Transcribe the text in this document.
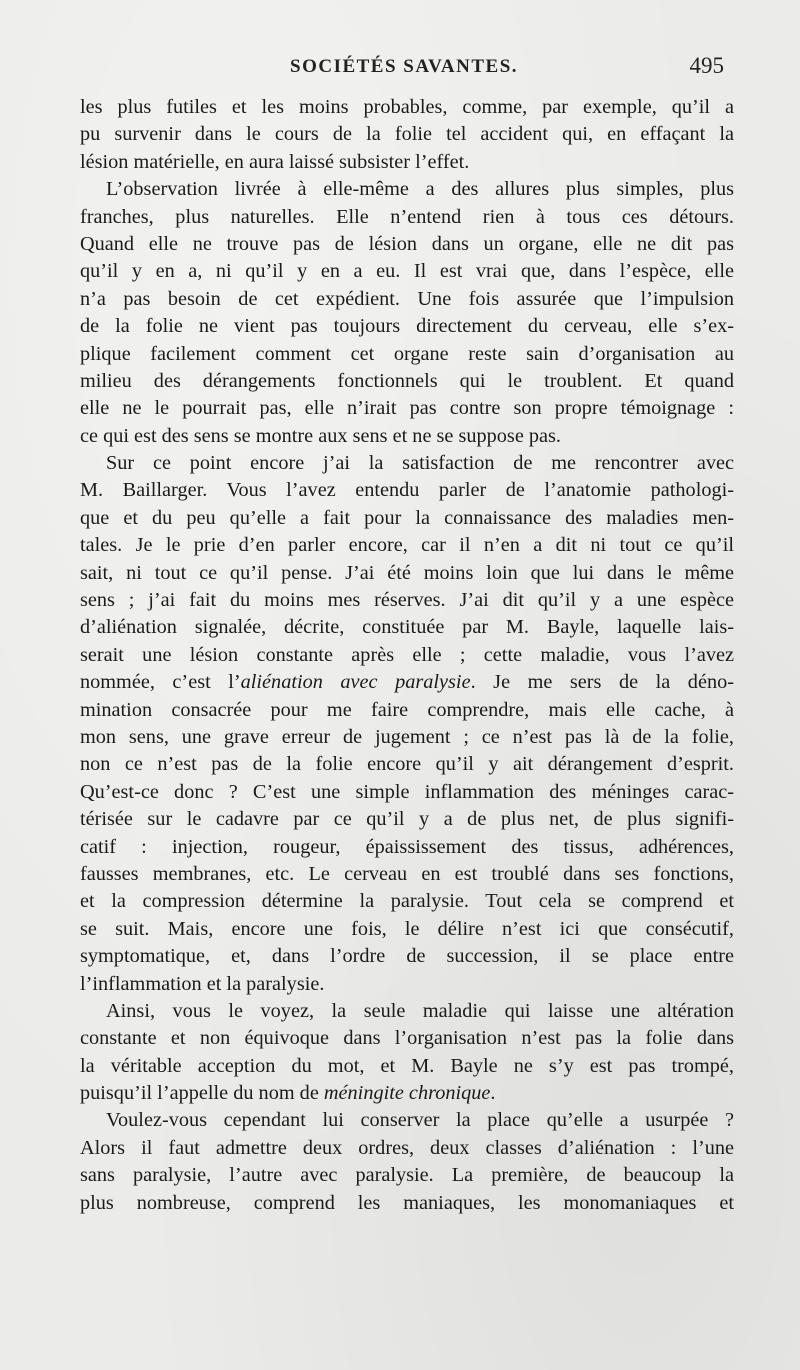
SOCIÉTÉS SAVANTES.	495
les plus futiles et les moins probables, comme, par exemple, qu’il a
pu survenir dans le cours de la folie tel accident qui, en effaçant la
lésion matérielle, en aura laissé subsister l’effet.
L’observation livrée à elle-même a des allures plus simples, plus
franches, plus naturelles. Elle n’entend rien à tous ces détours.
Quand elle ne trouve pas de lésion dans un organe, elle ne dit pas
qu’il y en a, ni qu’il y en a eu. Il est vrai que, dans l’espèce, elle
n’a pas besoin de cet expédient. Une fois assurée que l’impulsion
de la folie ne vient pas toujours directement du cerveau, elle s’ex-
plique facilement comment cet organe reste sain d’organisation au
milieu des dérangements fonctionnels qui le troublent. Et quand
elle ne le pourrait pas, elle n’irait pas contre son propre témoignage :
ce qui est des sens se montre aux sens et ne se suppose pas.
Sur ce point encore j’ai la satisfaction de me rencontrer avec
M. Baillarger. Vous l’avez entendu parler de l’anatomie pathologi-
que et du peu qu’elle a fait pour la connaissance des maladies men-
tales. Je le prie d’en parler encore, car il n’en a dit ni tout ce qu’il
sait, ni tout ce qu’il pense. J’ai été moins loin que lui dans le même
sens ; j’ai fait du moins mes réserves. J’ai dit qu’il y a une espèce
d’aliénation signalée, décrite, constituée par M. Bayle, laquelle lais-
serait une lésion constante après elle ; cette maladie, vous l’avez
nommée, c’est l’aliénation avec paralysie. Je me sers de la déno-
mination consacrée pour me faire comprendre, mais elle cache, à
mon sens, une grave erreur de jugement ; ce n’est pas là de la folie,
non ce n’est pas de la folie encore qu’il y ait dérangement d’esprit.
Qu’est-ce donc ? C’est une simple inflammation des méninges carac-
térisée sur le cadavre par ce qu’il y a de plus net, de plus signifi-
catif : injection, rougeur, épaississement des tissus, adhérences,
fausses membranes, etc. Le cerveau en est troublé dans ses fonctions,
et la compression détermine la paralysie. Tout cela se comprend et
se suit. Mais, encore une fois, le délire n’est ici que consécutif,
symptomatique, et, dans l’ordre de succession, il se place entre
l’inflammation et la paralysie.
Ainsi, vous le voyez, la seule maladie qui laisse une altération
constante et non équivoque dans l’organisation n’est pas la folie dans
la véritable acception du mot, et M. Bayle ne s’y est pas trompé,
puisqu’il l’appelle du nom de méningite chronique.
Voulez-vous cependant lui conserver la place qu’elle a usurpée ?
Alors il faut admettre deux ordres, deux classes d’aliénation : l’une
sans paralysie, l’autre avec paralysie. La première, de beaucoup la
plus nombreuse, comprend les maniaques, les monomaniaques et
